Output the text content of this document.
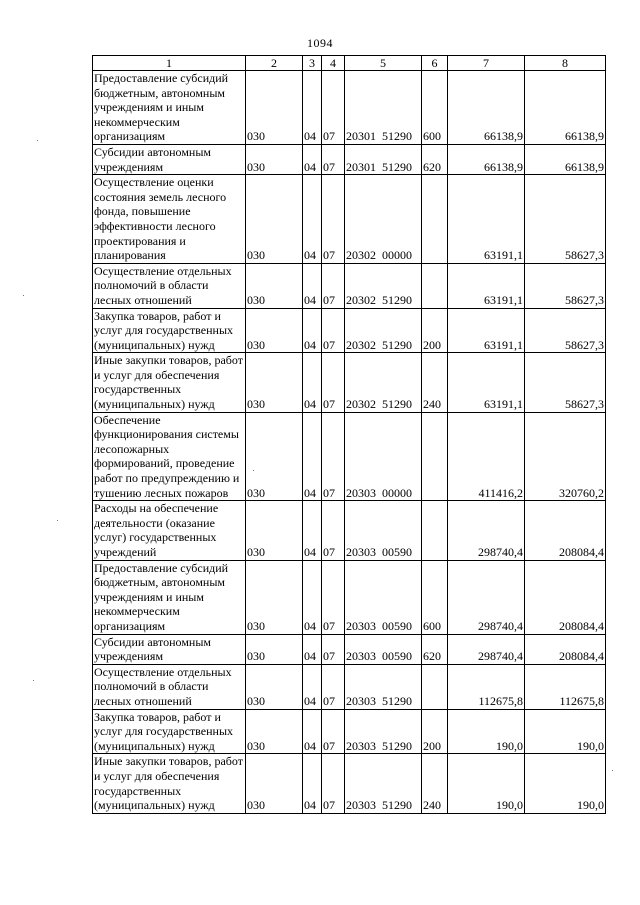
1094
1	2	3	4	5	6	7	8
Предоставление субсидий бюджетным, автономным учреждениям и иным некоммерческим организациям	030	04	07	20301  51290	600	66138,9	66138,9
Субсидии автономным учреждениям	030	04	07	20301  51290	620	66138,9	66138,9
Осуществление оценки состояния земель лесного фонда, повышение эффективности лесного проектирования и планирования	030	04	07	20302  00000		63191,1	58627,3
Осуществление отдельных полномочий в области лесных отношений	030	04	07	20302  51290		63191,1	58627,3
Закупка товаров, работ и услуг для государственных (муниципальных) нужд	030	04	07	20302  51290	200	63191,1	58627,3
Иные закупки товаров, работ и услуг для обеспечения государственных (муниципальных) нужд	030	04	07	20302  51290	240	63191,1	58627,3
Обеспечение функционирования системы лесопожарных формирований, проведение работ по предупреждению и тушению лесных пожаров	030	04	07	20303  00000		411416,2	320760,2
Расходы на обеспечение деятельности (оказание услуг) государственных учреждений	030	04	07	20303  00590		298740,4	208084,4
Предоставление субсидий бюджетным, автономным учреждениям и иным некоммерческим организациям	030	04	07	20303  00590	600	298740,4	208084,4
Субсидии автономным учреждениям	030	04	07	20303  00590	620	298740,4	208084,4
Осуществление отдельных полномочий в области лесных отношений	030	04	07	20303  51290		112675,8	112675,8
Закупка товаров, работ и услуг для государственных (муниципальных) нужд	030	04	07	20303  51290	200	190,0	190,0
Иные закупки товаров, работ и услуг для обеспечения государственных (муниципальных) нужд	030	04	07	20303  51290	240	190,0	190,0
